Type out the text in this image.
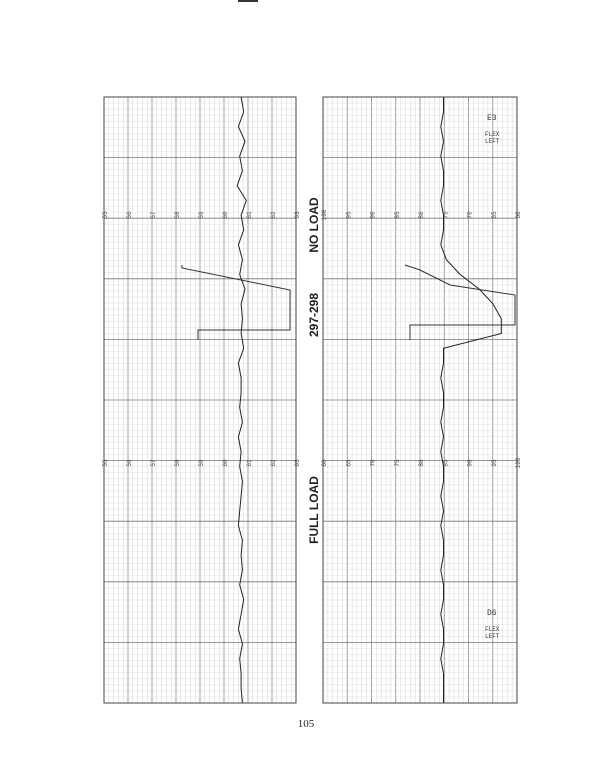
55	56	57	58	59	60	61	62	63
55	56	57	58	59	60	61	62	63
100	95	90	85	80	75	70	65	60
60	65	70	75	80	85	90	95	100
NO LOAD
297-298
FULL LOAD
E3
FLEX
LEFT
D6
FLEX
LEFT
105
